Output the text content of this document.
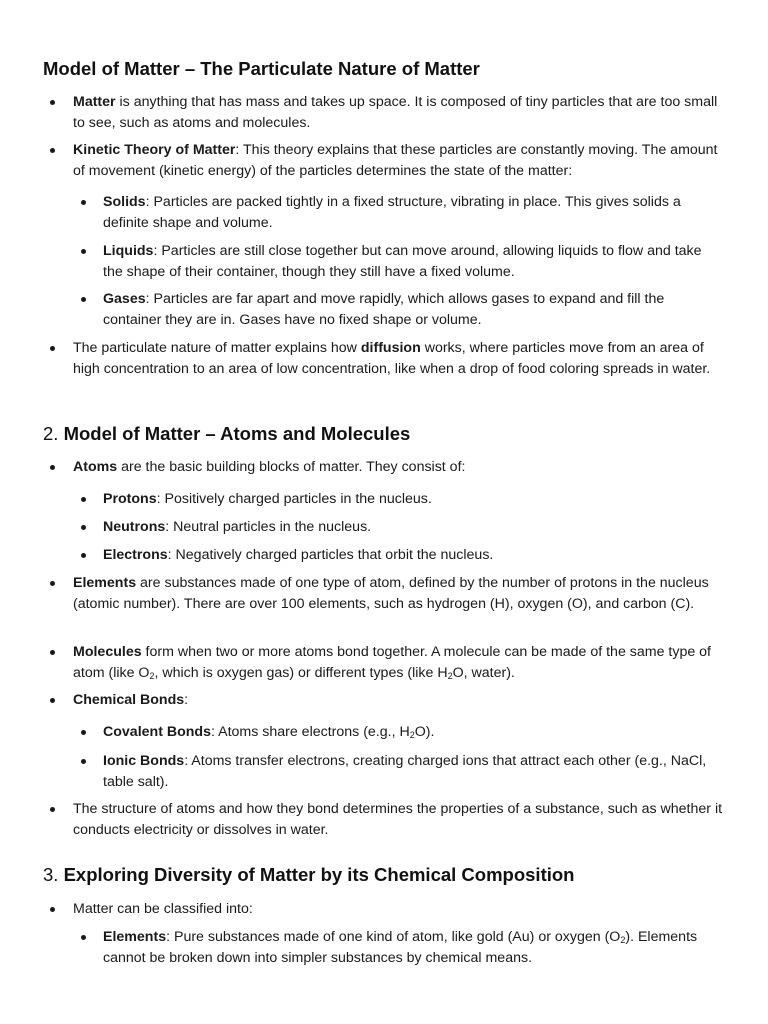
Model of Matter – The Particulate Nature of Matter
Matter is anything that has mass and takes up space. It is composed of tiny particles that are too small to see, such as atoms and molecules.
Kinetic Theory of Matter: This theory explains that these particles are constantly moving. The amount of movement (kinetic energy) of the particles determines the state of the matter:
Solids: Particles are packed tightly in a fixed structure, vibrating in place. This gives solids a definite shape and volume.
Liquids: Particles are still close together but can move around, allowing liquids to flow and take the shape of their container, though they still have a fixed volume.
Gases: Particles are far apart and move rapidly, which allows gases to expand and fill the container they are in. Gases have no fixed shape or volume.
The particulate nature of matter explains how diffusion works, where particles move from an area of high concentration to an area of low concentration, like when a drop of food coloring spreads in water.
2. Model of Matter – Atoms and Molecules
Atoms are the basic building blocks of matter. They consist of:
Protons: Positively charged particles in the nucleus.
Neutrons: Neutral particles in the nucleus.
Electrons: Negatively charged particles that orbit the nucleus.
Elements are substances made of one type of atom, defined by the number of protons in the nucleus (atomic number). There are over 100 elements, such as hydrogen (H), oxygen (O), and carbon (C).
Molecules form when two or more atoms bond together. A molecule can be made of the same type of atom (like $O_2$, which is oxygen gas) or different types (like $H_2O$, water).
Chemical Bonds:
Covalent Bonds: Atoms share electrons (e.g., $H_2O$).
Ionic Bonds: Atoms transfer electrons, creating charged ions that attract each other (e.g., NaCl, table salt).
The structure of atoms and how they bond determines the properties of a substance, such as whether it conducts electricity or dissolves in water.
3. Exploring Diversity of Matter by its Chemical Composition
Matter can be classified into:
Elements: Pure substances made of one kind of atom, like gold (Au) or oxygen $(O_2)$. Elements cannot be broken down into simpler substances by chemical means.
